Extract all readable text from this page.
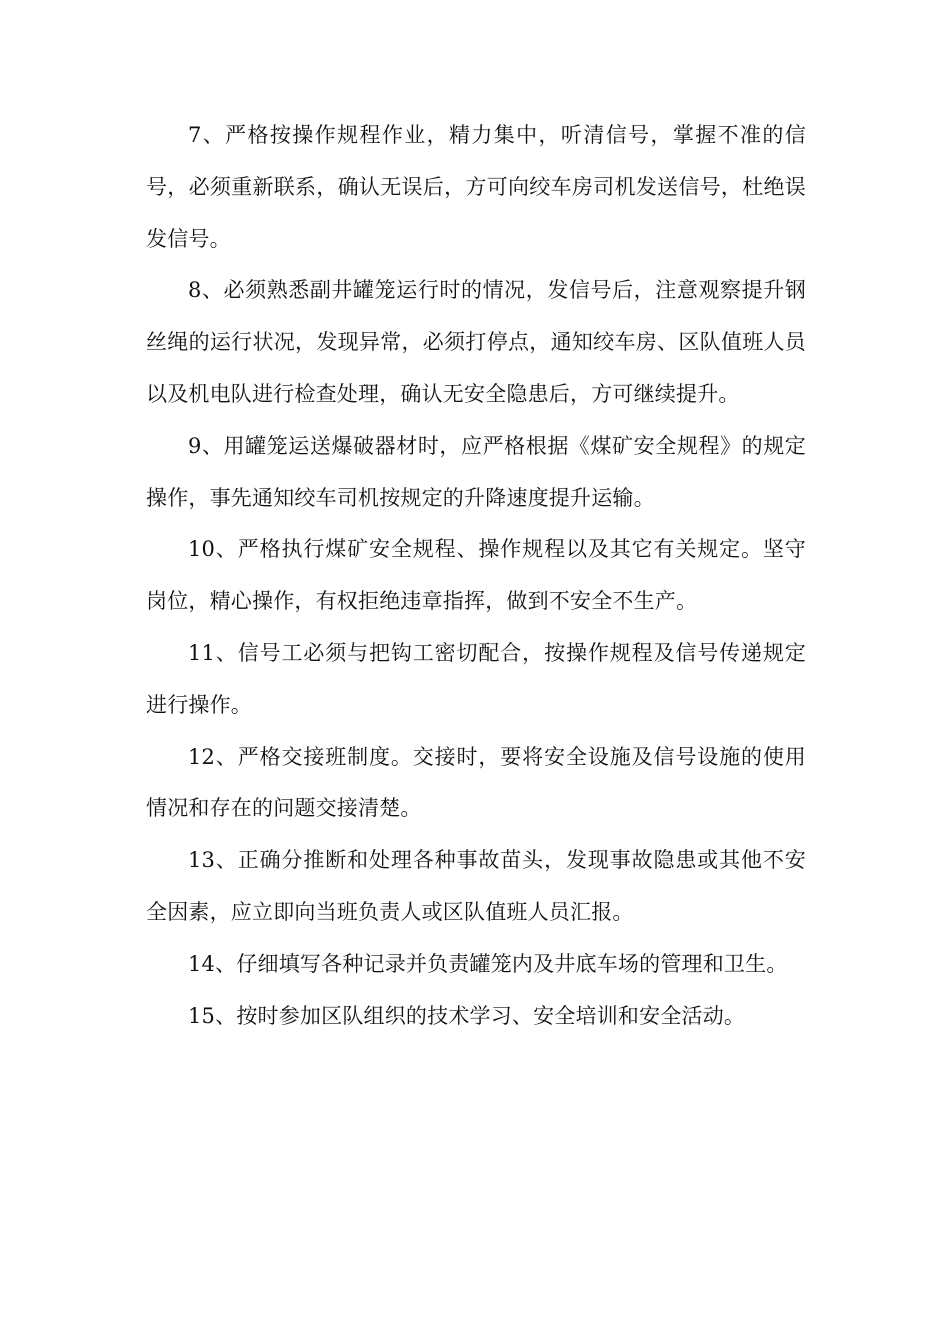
7、严格按操作规程作业，精力集中，听清信号，掌握不准的信号，必须重新联系，确认无误后，方可向绞车房司机发送信号，杜绝误发信号。

8、必须熟悉副井罐笼运行时的情况，发信号后，注意观察提升钢丝绳的运行状况，发现异常，必须打停点，通知绞车房、区队值班人员以及机电队进行检查处理，确认无安全隐患后，方可继续提升。

9、用罐笼运送爆破器材时，应严格根据《煤矿安全规程》的规定操作，事先通知绞车司机按规定的升降速度提升运输。

10、严格执行煤矿安全规程、操作规程以及其它有关规定。坚守岗位，精心操作，有权拒绝违章指挥，做到不安全不生产。

11、信号工必须与把钩工密切配合，按操作规程及信号传递规定进行操作。

12、严格交接班制度。交接时，要将安全设施及信号设施的使用情况和存在的问题交接清楚。

13、正确分推断和处理各种事故苗头，发现事故隐患或其他不安全因素，应立即向当班负责人或区队值班人员汇报。

14、仔细填写各种记录并负责罐笼内及井底车场的管理和卫生。

15、按时参加区队组织的技术学习、安全培训和安全活动。
